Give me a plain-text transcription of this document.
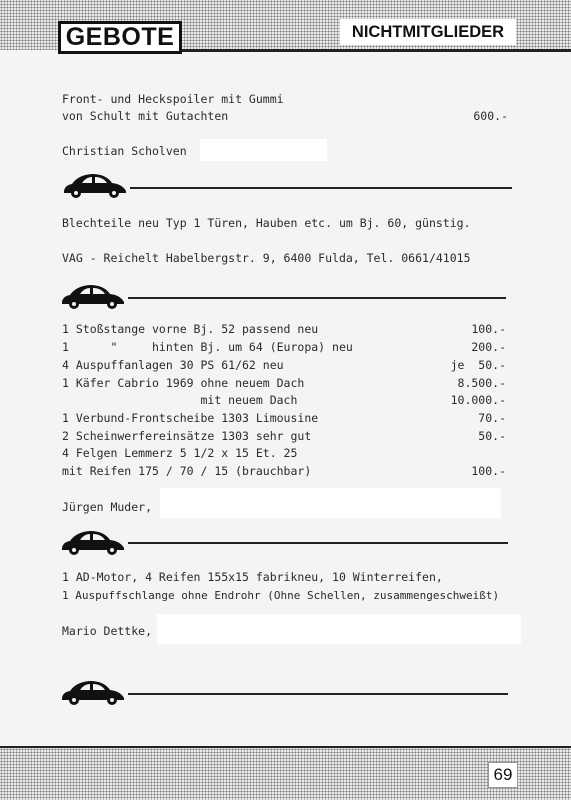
GEBOTE	NICHTMITGLIEDER
69
Front- und Heckspoiler mit Gummi
von Schult mit Gutachten	600.-
Christian Scholven
Blechteile neu Typ 1 Türen, Hauben etc. um Bj. 60, günstig.
VAG - Reichelt Habelbergstr. 9, 6400 Fulda, Tel. 0661/41015
1 Stoßstange vorne Bj. 52 passend neu	100.-
1      "     hinten Bj. um 64 (Europa) neu	200.-
4 Auspuffanlagen 30 PS 61/62 neu	je  50.-
1 Käfer Cabrio 1969 ohne neuem Dach	8.500.-
mit neuem Dach	10.000.-
1 Verbund-Frontscheibe 1303 Limousine	70.-
2 Scheinwerfereinsätze 1303 sehr gut	50.-
4 Felgen Lemmerz 5 1/2 x 15 Et. 25
mit Reifen 175 / 70 / 15 (brauchbar)	100.-
Jürgen Muder,
1 AD-Motor, 4 Reifen 155x15 fabrikneu, 10 Winterreifen,
1 Auspuffschlange ohne Endrohr (Ohne Schellen, zusammengeschweißt)
Mario Dettke,
